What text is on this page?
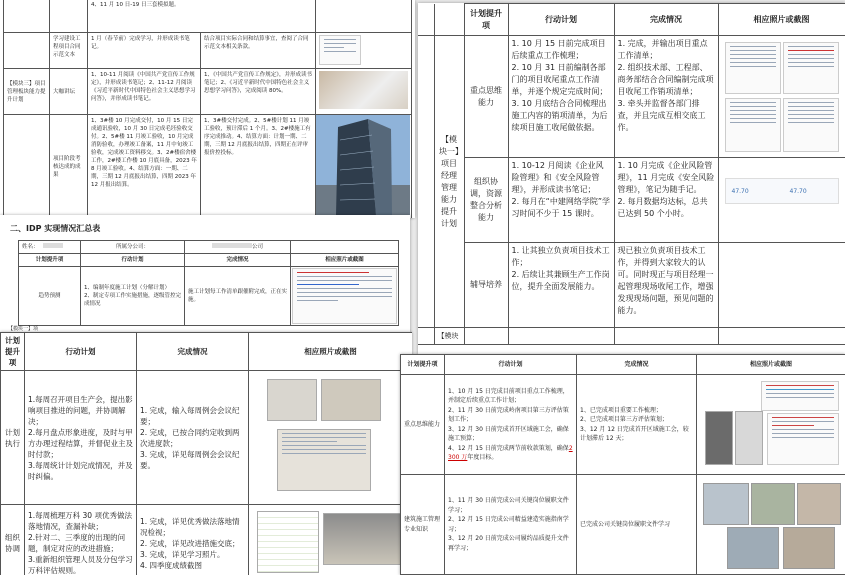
		4、11 月 10 日-19 日三套模拟题。		
	学习建设工程项目合同示范文本	1 月（春节前）完成学习，并形成读书笔记。	结合项目实际合同和结算事宜，查阅了合同示范文本相关条款。	

【模块三】项目管理板块能力提升计划	大咖讲坛	1、10-11 月阅读《中国共产党宣传工作规定》，并形成读书笔记；2、11-12 月阅读《习近平新时代中国特色社会主义思想学习问答》，并形成读书笔记。	1、《中国共产党宣传工作规定》，并形成读书笔记；2、《习近平新时代中国特色社会主义思想学习问答》，完成阅读 80%。	

	项目阶段考核达成的成果	1、3#楼 10 月完成交付，10 月 15 日完成通讯验收，10 月 30 日完成毛坯验收交付。2、5#楼 11 月竣工验收，10 月完成消防验收，办理竣工备案，11 月中旬竣工验收，完成竣工资料移交。3、2#楼宿舍楼工作，2#楼工作楼 10 月底具备，2023 年 8 月竣工验收。4、结算方面：一期、二期，三期 12 月底报出结算，四期 2023 年 12 月报出结算。	1、3#楼交付完成。2、5#楼计划 11 月竣工验收，预计滞后 1 个月。3、2#楼施工有序完成推动。4、结算方面：计划一期、二期，三期 12 月底报出结算，四期正在评审报价控投标。	
二、IDP 实现情况汇总表
姓名：	所属分公司：	公司	
计划提升项	行动计划	完成情况	相应照片或截图
趋势预测	1、编制年度施工计划（分解计划）
2、制定专项工作实施措施，逐级管控完成情况	施工计划每工作清单跟催附完成，正在实施。	
【模块一】项
计划提升项	行动计划	完成情况	相应照片或截图
计划执行	1.每周召开项目生产会，提出影响项目推进的问题，并协调解决；
2.每月盘点形象进度，及时与甲方办理过程结算，并督促业主及时付款；
3.每周统计计划完成情况，并及时纠偏。	1. 完成，输入每周例会会议纪要；
2. 完成，已按合同约定收到两次进度款；
3. 完成，详见每周例会会议纪要。	

组织协调	1.每周梳理万科 30 项优秀做法落地情况，查漏补缺；
2.针对二、三季度的出现的问题，制定对应的改进措施；
3.重新组织管理人员及分包学习万科评估规则。	1. 完成，详见优秀做法落地情况检视；
2. 完成，详见改进措施交底；
3. 完成，详见学习照片。
4. 四季度成绩截图	
		计划提升项	行动计划	完成情况	相应照片或截图
	【模块一】项目经理管理能力提升计划	重点思维能力	1. 10 月 15 日前完成项目后续重点工作梳理；
2. 10 月 31 日前编制各部门的项目收尾重点工作清单，并逐个规定完成时间；
3. 10 月底结合合同梳理出施工内容的销项清单，为后续项目施工收尾做依据。	1. 完成，并输出项目重点工作清单；
2. 组织技术部、工程部、商务部结合合同编制完成项目收尾工作销项清单；
3. 牵头并监督各部门排查，并且完成互相交底工作。	

		组织协调，资源整合分析能力	1. 10-12 月阅读《企业风险管理》和《安全风险管理》，并形成读书笔记；
2. 每月在“中建网络学院”学习时间不少于 15 课时。	1. 10 月完成《企业风险管理》，11 月完成《安全风险管理》，笔记为随手记。
2. 每月数据均达标，总共已达到 50 个小时。	47.70 47.70

		辅导培养	1. 让其独立负责项目技术工作；
2. 后续让其兼顾生产工作岗位，提升全面发展能力。	现已独立负责项目技术工作，并得到大家较大的认可。同时现正与项目经理一起管理现场收尾工作，增强发现现场问题，预见问题的能力。	
	【模块				
计划提升项	行动计划	完成情况	相应照片或截图
重点思维能力	1、10 月 15 日完成目前项目重点工作梳理，并制定后续重点工作计划；
2、11 月 30 日前完成岭南项目第三方评估策划工作；
3、12 月 30 日前完成首开区域施工会，确保施工预算；
4、12 月 15 日前完成两节前收款策划，确保2300 万年度目标。	1、已完成项目重要工作梳理；
2、已完成项目第三方评估策划；
3、12 月 12 日完成首开区域施工会，较计划滞后 12 天；	

建筑施工管理专业知识	1、11 月 30 日前完成公司关键岗位履职文件学习；
2、12 月 15 日完成公司精益建造实施指南学习；
3、12 月 20 日前完成公司履约品质提升文件再学习；	已完成公司关键岗位履职文件学习	
